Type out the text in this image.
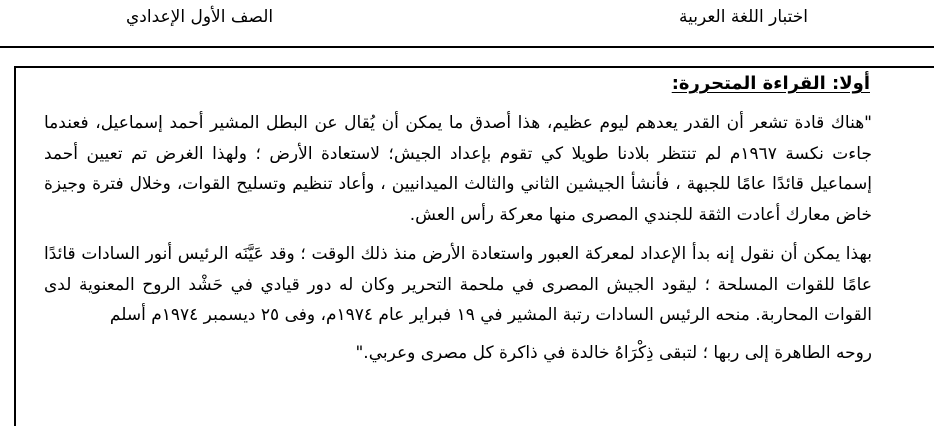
اختبار اللغة العربية
الصف الأول الإعدادي
أولا: القراءة المتحررة:

"هناك قادة تشعر أن القدر يعدهم ليوم عظيم، هذا أصدق ما يمكن أن يُقال عن البطل المشير أحمد إسماعيل، فعندما جاءت نكسة ١٩٦٧م لم تنتظر بلادنا طويلا كي تقوم بإعداد الجيش؛ لاستعادة الأرض ؛ ولهذا الغرض تم تعيين أحمد إسماعيل قائدًا عامًا للجبهة ، فأنشأ الجيشين الثاني والثالث الميدانيين ، وأعاد تنظيم وتسليح القوات، وخلال فترة وجيزة خاض معارك أعادت الثقة للجندي المصرى منها معركة رأس العش.

بهذا يمكن أن نقول إنه بدأ الإعداد لمعركة العبور واستعادة الأرض منذ ذلك الوقت ؛ وقد عَيَّنَه الرئيس أنور السادات قائدًا عامًا للقوات المسلحة ؛ ليقود الجيش المصرى في ملحمة التحرير وكان له دور قيادي في حَشْد الروح المعنوية لدى القوات المحاربة. منحه الرئيس السادات رتبة المشير في ١٩ فبراير عام ١٩٧٤م، وفى ٢٥ ديسمبر ١٩٧٤م أسلم

روحه الطاهرة إلى ربها ؛ لتبقى ذِكْرَاهُ خالدة في ذاكرة كل مصرى وعربي."
